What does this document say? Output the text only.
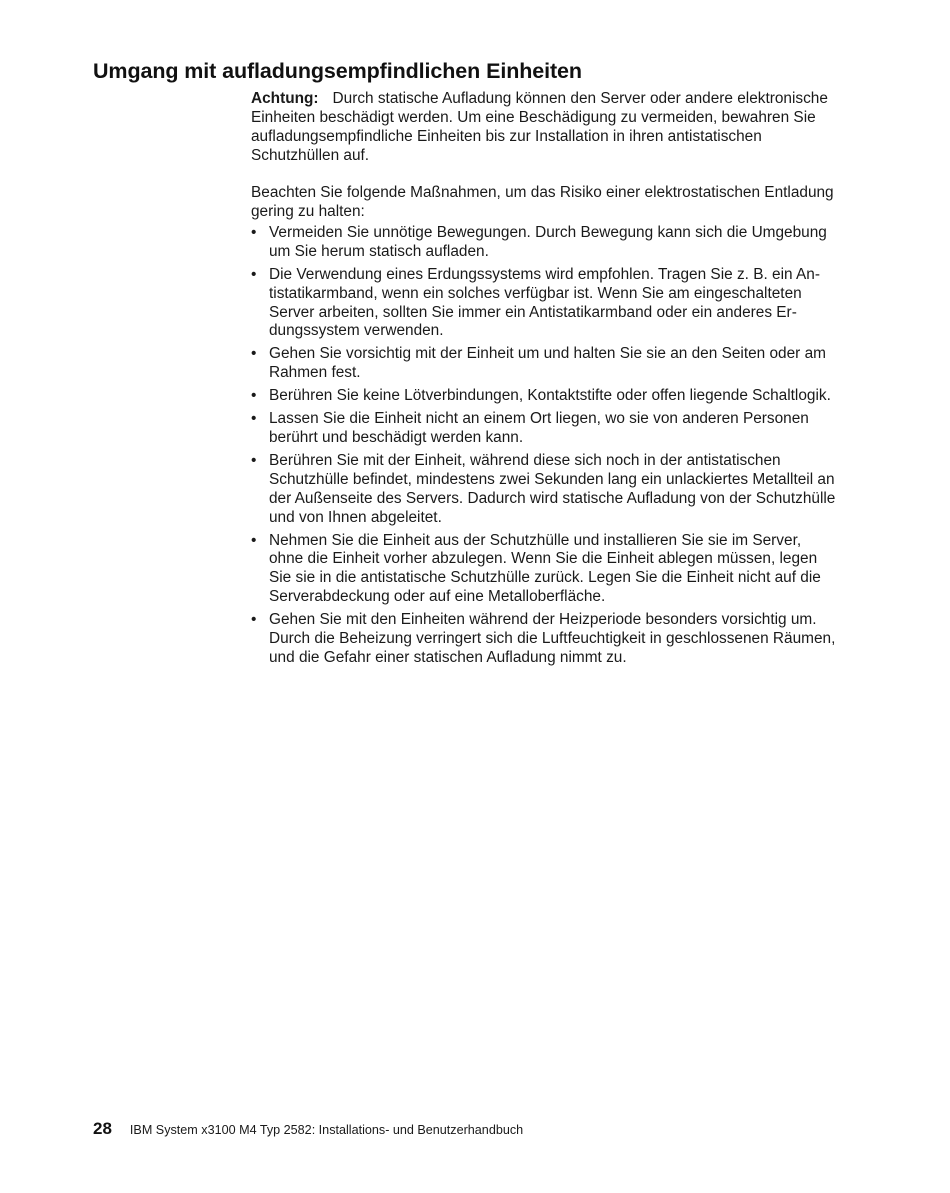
Umgang mit aufladungsempfindlichen Einheiten

Achtung: Durch statische Aufladung können den Server oder andere elektronische Einheiten beschädigt werden. Um eine Beschädigung zu vermeiden, bewahren Sie aufladungsempfindliche Einheiten bis zur Installation in ihren antistatischen Schutzhüllen auf.

Beachten Sie folgende Maßnahmen, um das Risiko einer elektrostatischen Entladung gering zu halten:

• Vermeiden Sie unnötige Bewegungen. Durch Bewegung kann sich die Umgebung um Sie herum statisch aufladen.
• Die Verwendung eines Erdungssystems wird empfohlen. Tragen Sie z. B. ein Antistatikarmband, wenn ein solches verfügbar ist. Wenn Sie am eingeschalteten Server arbeiten, sollten Sie immer ein Antistatikarmband oder ein anderes Erdungssystem verwenden.
• Gehen Sie vorsichtig mit der Einheit um und halten Sie sie an den Seiten oder am Rahmen fest.
• Berühren Sie keine Lötverbindungen, Kontaktstifte oder offen liegende Schaltlogik.
• Lassen Sie die Einheit nicht an einem Ort liegen, wo sie von anderen Personen berührt und beschädigt werden kann.
• Berühren Sie mit der Einheit, während diese sich noch in der antistatischen Schutzhülle befindet, mindestens zwei Sekunden lang ein unlackiertes Metallteil an der Außenseite des Servers. Dadurch wird statische Aufladung von der Schutzhülle und von Ihnen abgeleitet.
• Nehmen Sie die Einheit aus der Schutzhülle und installieren Sie sie im Server, ohne die Einheit vorher abzulegen. Wenn Sie die Einheit ablegen müssen, legen Sie sie in die antistatische Schutzhülle zurück. Legen Sie die Einheit nicht auf die Serverabdeckung oder auf eine Metalloberfläche.
• Gehen Sie mit den Einheiten während der Heizperiode besonders vorsichtig um. Durch die Beheizung verringert sich die Luftfeuchtigkeit in geschlossenen Räumen, und die Gefahr einer statischen Aufladung nimmt zu.
28 IBM System x3100 M4 Typ 2582: Installations- und Benutzerhandbuch
